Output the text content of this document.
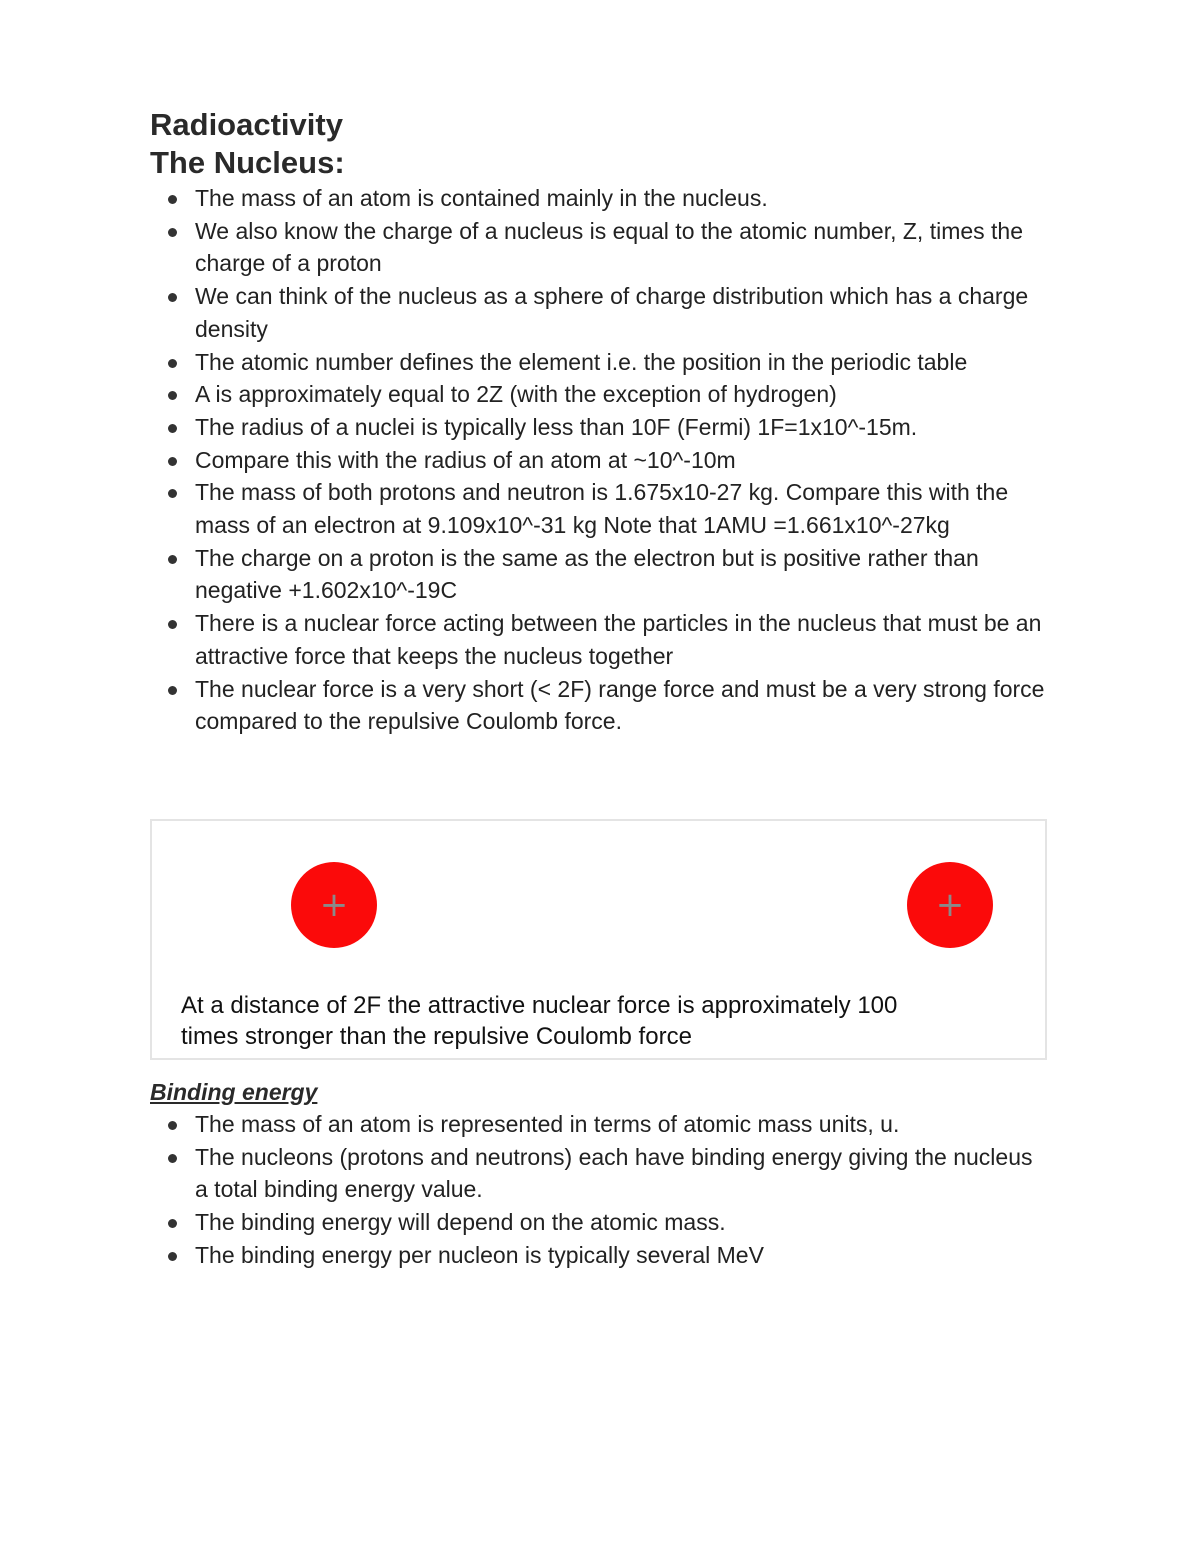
Radioactivity
The Nucleus:
The mass of an atom is contained mainly in the nucleus.
We also know the charge of a nucleus is equal to the atomic number, Z, times the charge of a proton
We can think of the nucleus as a sphere of charge distribution which has a charge density
The atomic number defines the element i.e. the position in the periodic table
A is approximately equal to 2Z (with the exception of hydrogen)
The radius of a nuclei is typically less than 10F (Fermi) 1F=1x10^-15m.
Compare this with the radius of an atom at ~10^-10m
The mass of both protons and neutron is 1.675x10-27 kg. Compare this with the mass of an electron at 9.109x10^-31 kg Note that 1AMU =1.661x10^-27kg
The charge on a proton is the same as the electron but is positive rather than negative +1.602x10^-19C
There is a nuclear force acting between the particles in the nucleus that must be an attractive force that keeps the nucleus together
The nuclear force is a very short (< 2F) range force and must be a very strong force compared to the repulsive Coulomb force.
+	+
At a distance of 2F the attractive nuclear force is approximately 100 times stronger than the repulsive Coulomb force
Binding energy
The mass of an atom is represented in terms of atomic mass units, u.
The nucleons (protons and neutrons) each have binding energy giving the nucleus a total binding energy value.
The binding energy will depend on the atomic mass.
The binding energy per nucleon is typically several MeV
